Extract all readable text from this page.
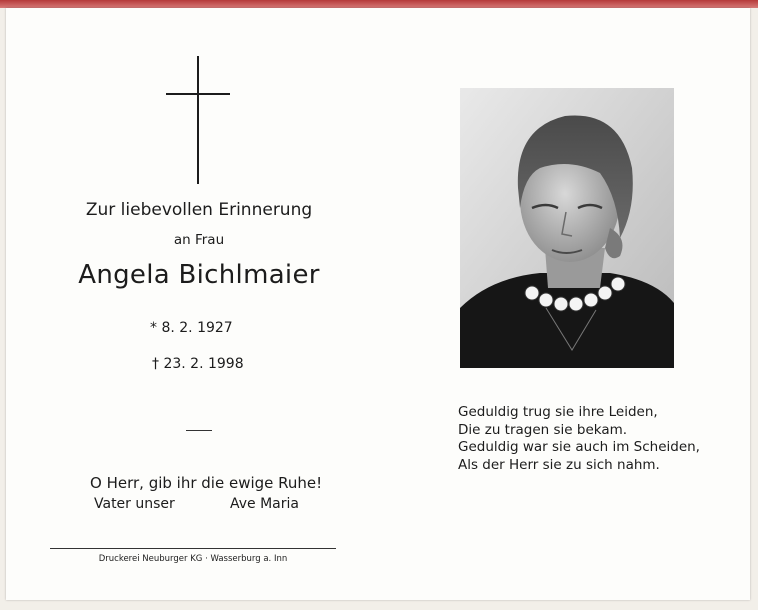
Zur liebevollen Erinnerung
an Frau
Angela Bichlmaier
* 8. 2. 1927
† 23. 2. 1998
O Herr, gib ihr die ewige Ruhe!
Vater unser	Ave Maria
Druckerei Neuburger KG · Wasserburg a. Inn
Geduldig trug sie ihre Leiden,
Die zu tragen sie bekam.
Geduldig war sie auch im Scheiden,
Als der Herr sie zu sich nahm.
